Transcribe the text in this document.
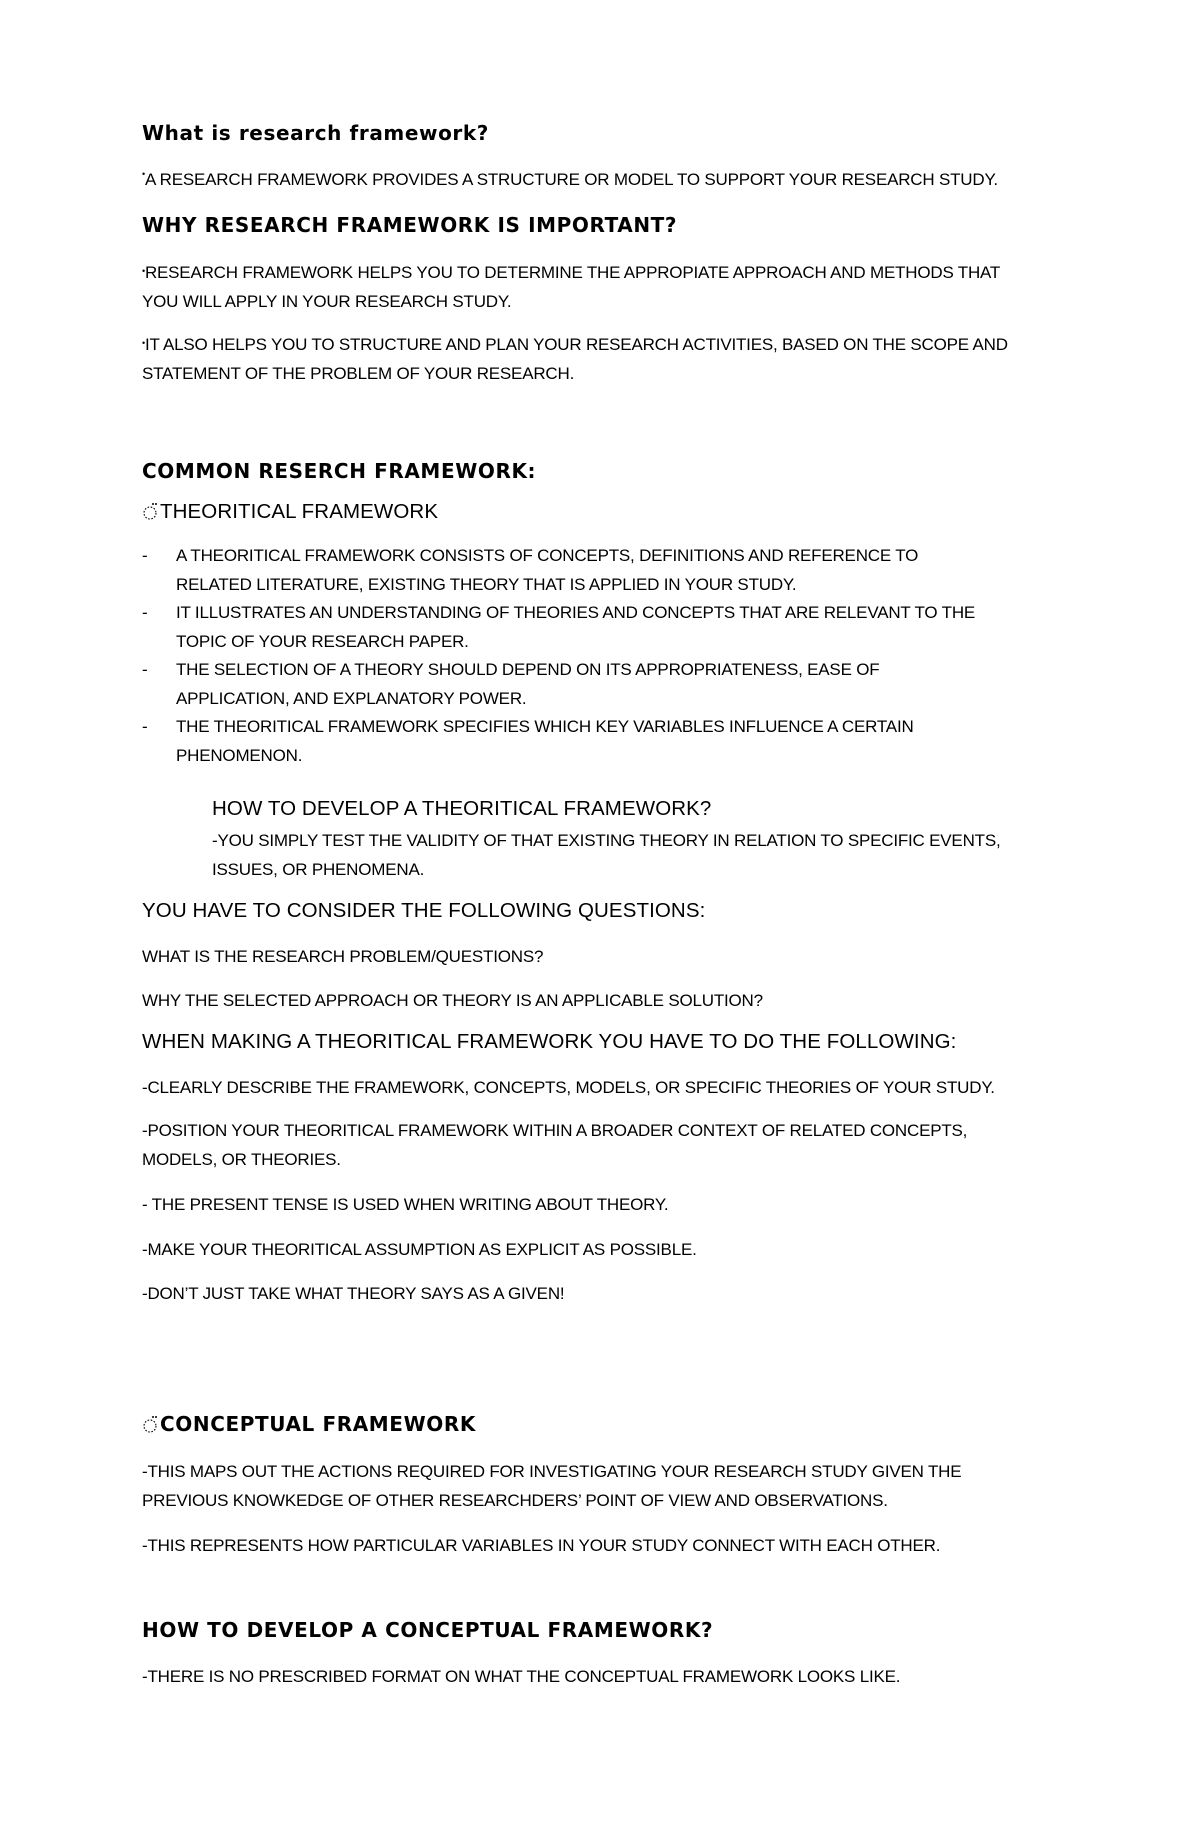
What is research framework?
•A RESEARCH FRAMEWORK PROVIDES A STRUCTURE OR MODEL TO SUPPORT YOUR RESEARCH STUDY.
WHY RESEARCH FRAMEWORK IS IMPORTANT?
•RESEARCH FRAMEWORK HELPS YOU TO DETERMINE THE APPROPIATE APPROACH AND METHODS THAT
YOU WILL APPLY IN YOUR RESEARCH STUDY.
•IT ALSO HELPS YOU TO STRUCTURE AND PLAN YOUR RESEARCH ACTIVITIES, BASED ON THE SCOPE AND
STATEMENT OF THE PROBLEM OF YOUR RESEARCH.
COMMON RESERCH FRAMEWORK:
THEORITICAL FRAMEWORK
- A THEORITICAL FRAMEWORK CONSISTS OF CONCEPTS, DEFINITIONS AND REFERENCE TO
RELATED LITERATURE, EXISTING THEORY THAT IS APPLIED IN YOUR STUDY.
- IT ILLUSTRATES AN UNDERSTANDING OF THEORIES AND CONCEPTS THAT ARE RELEVANT TO THE
TOPIC OF YOUR RESEARCH PAPER.
- THE SELECTION OF A THEORY SHOULD DEPEND ON ITS APPROPRIATENESS, EASE OF
APPLICATION, AND EXPLANATORY POWER.
- THE THEORITICAL FRAMEWORK SPECIFIES WHICH KEY VARIABLES INFLUENCE A CERTAIN
PHENOMENON.
HOW TO DEVELOP A THEORITICAL FRAMEWORK?
-YOU SIMPLY TEST THE VALIDITY OF THAT EXISTING THEORY IN RELATION TO SPECIFIC EVENTS,
ISSUES, OR PHENOMENA.
YOU HAVE TO CONSIDER THE FOLLOWING QUESTIONS:
WHAT IS THE RESEARCH PROBLEM/QUESTIONS?
WHY THE SELECTED APPROACH OR THEORY IS AN APPLICABLE SOLUTION?
WHEN MAKING A THEORITICAL FRAMEWORK YOU HAVE TO DO THE FOLLOWING:
-CLEARLY DESCRIBE THE FRAMEWORK, CONCEPTS, MODELS, OR SPECIFIC THEORIES OF YOUR STUDY.
-POSITION YOUR THEORITICAL FRAMEWORK WITHIN A BROADER CONTEXT OF RELATED CONCEPTS,
MODELS, OR THEORIES.
- THE PRESENT TENSE IS USED WHEN WRITING ABOUT THEORY.
-MAKE YOUR THEORITICAL ASSUMPTION AS EXPLICIT AS POSSIBLE.
-DON’T JUST TAKE WHAT THEORY SAYS AS A GIVEN!
CONCEPTUAL FRAMEWORK
-THIS MAPS OUT THE ACTIONS REQUIRED FOR INVESTIGATING YOUR RESEARCH STUDY GIVEN THE
PREVIOUS KNOWKEDGE OF OTHER RESEARCHDERS’ POINT OF VIEW AND OBSERVATIONS.
-THIS REPRESENTS HOW PARTICULAR VARIABLES IN YOUR STUDY CONNECT WITH EACH OTHER.
HOW TO DEVELOP A CONCEPTUAL FRAMEWORK?
-THERE IS NO PRESCRIBED FORMAT ON WHAT THE CONCEPTUAL FRAMEWORK LOOKS LIKE.
